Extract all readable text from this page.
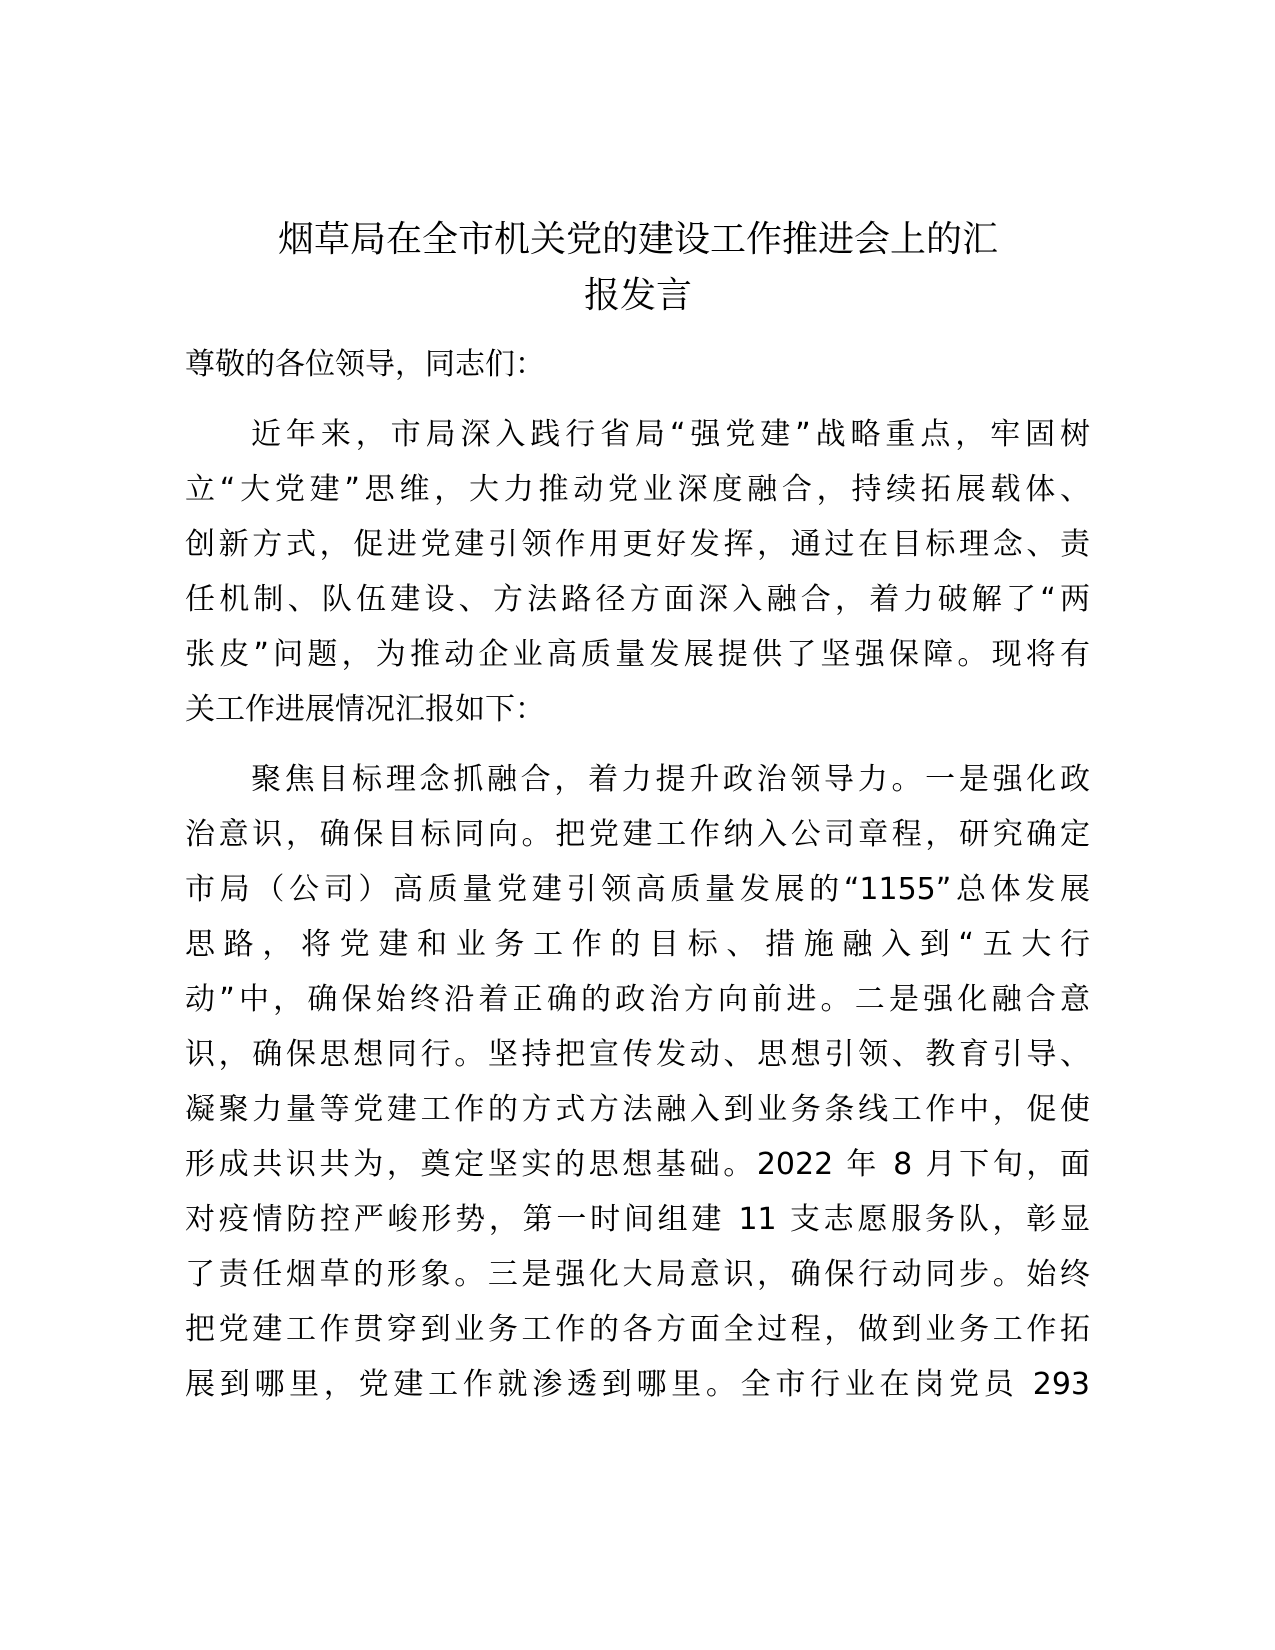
烟草局在全市机关党的建设工作推进会上的汇
报发言
尊敬的各位领导，同志们：
近年来，市局深入践行省局“强党建”战略重点，牢固树
立“大党建”思维，大力推动党业深度融合，持续拓展载体、
创新方式，促进党建引领作用更好发挥，通过在目标理念、责
任机制、队伍建设、方法路径方面深入融合，着力破解了“两
张皮”问题，为推动企业高质量发展提供了坚强保障。现将有
关工作进展情况汇报如下：
聚焦目标理念抓融合，着力提升政治领导力。一是强化政
治意识，确保目标同向。把党建工作纳入公司章程，研究确定
市局（公司）高质量党建引领高质量发展的“1155”总体发展
思路，将党建和业务工作的目标、措施融入到“五大行
动”中，确保始终沿着正确的政治方向前进。二是强化融合意
识，确保思想同行。坚持把宣传发动、思想引领、教育引导、
凝聚力量等党建工作的方式方法融入到业务条线工作中，促使
形成共识共为，奠定坚实的思想基础。2022 年 8 月下旬，面
对疫情防控严峻形势，第一时间组建 11 支志愿服务队，彰显
了责任烟草的形象。三是强化大局意识，确保行动同步。始终
把党建工作贯穿到业务工作的各方面全过程，做到业务工作拓
展到哪里，党建工作就渗透到哪里。全市行业在岗党员 293
